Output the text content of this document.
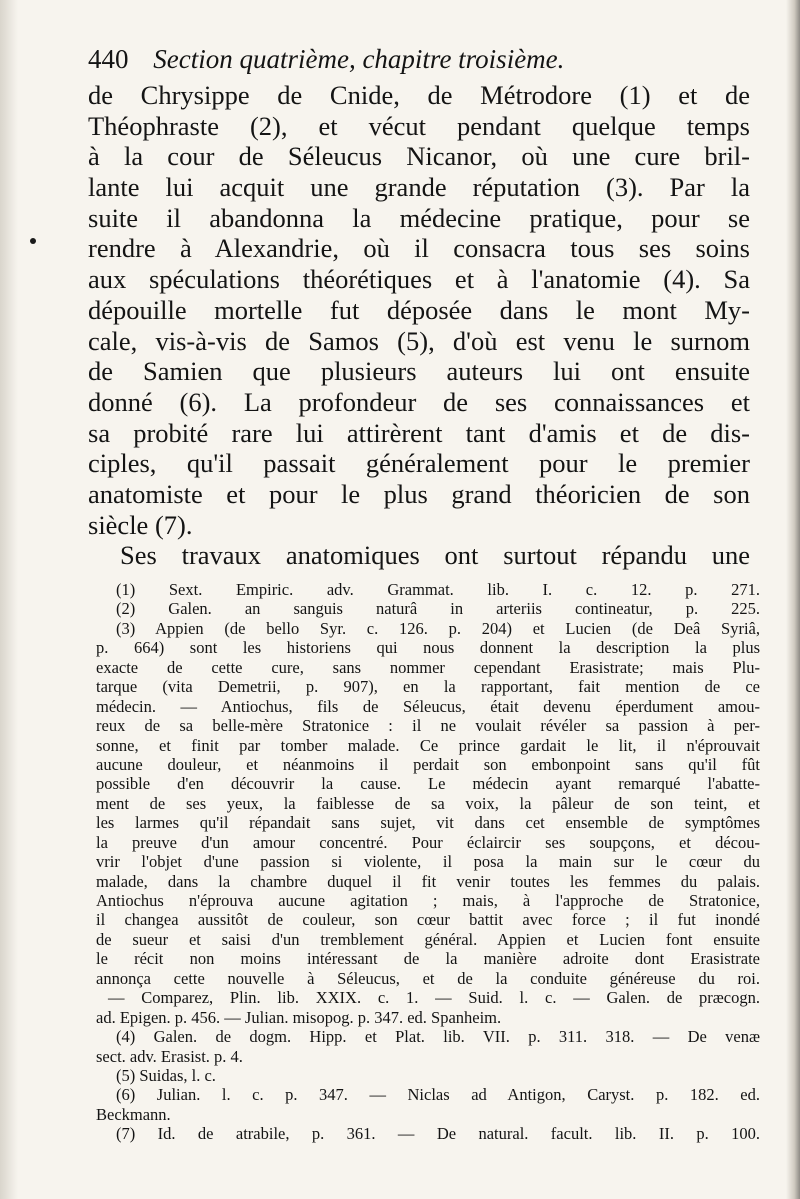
440 Section quatrième, chapitre troisième.
de Chrysippe de Cnide, de Métrodore (1) et de
Théophraste (2), et vécut pendant quelque temps
à la cour de Séleucus Nicanor, où une cure bril-
lante lui acquit une grande réputation (3). Par la
suite il abandonna la médecine pratique, pour se
rendre à Alexandrie, où il consacra tous ses soins
aux spéculations théorétiques et à l'anatomie (4). Sa
dépouille mortelle fut déposée dans le mont My-
cale, vis-à-vis de Samos (5), d'où est venu le surnom
de Samien que plusieurs auteurs lui ont ensuite
donné (6). La profondeur de ses connaissances et
sa probité rare lui attirèrent tant d'amis et de dis-
ciples, qu'il passait généralement pour le premier
anatomiste et pour le plus grand théoricien de son
siècle (7).
Ses travaux anatomiques ont surtout répandu une
(1) Sext. Empiric. adv. Grammat. lib. I. c. 12. p. 271.
(2) Galen. an sanguis naturâ in arteriis contineatur, p. 225.
(3) Appien (de bello Syr. c. 126. p. 204) et Lucien (de Deâ Syriâ,
p. 664) sont les historiens qui nous donnent la description la plus
exacte de cette cure, sans nommer cependant Erasistrate; mais Plu-
tarque (vita Demetrii, p. 907), en la rapportant, fait mention de ce
médecin. — Antiochus, fils de Séleucus, était devenu éperdument amou-
reux de sa belle-mère Stratonice : il ne voulait révéler sa passion à per-
sonne, et finit par tomber malade. Ce prince gardait le lit, il n'éprouvait
aucune douleur, et néanmoins il perdait son embonpoint sans qu'il fût
possible d'en découvrir la cause. Le médecin ayant remarqué l'abatte-
ment de ses yeux, la faiblesse de sa voix, la pâleur de son teint, et
les larmes qu'il répandait sans sujet, vit dans cet ensemble de symptômes
la preuve d'un amour concentré. Pour éclaircir ses soupçons, et décou-
vrir l'objet d'une passion si violente, il posa la main sur le cœur du
malade, dans la chambre duquel il fit venir toutes les femmes du palais.
Antiochus n'éprouva aucune agitation ; mais, à l'approche de Stratonice,
il changea aussitôt de couleur, son cœur battit avec force ; il fut inondé
de sueur et saisi d'un tremblement général. Appien et Lucien font ensuite
le récit non moins intéressant de la manière adroite dont Erasistrate
annonça cette nouvelle à Séleucus, et de la conduite généreuse du roi.
— Comparez, Plin. lib. XXIX. c. 1. — Suid. l. c. — Galen. de præcogn.
ad. Epigen. p. 456. — Julian. misopog. p. 347. ed. Spanheim.
(4) Galen. de dogm. Hipp. et Plat. lib. VII. p. 311. 318. — De venæ
sect. adv. Erasist. p. 4.
(5) Suidas, l. c.
(6) Julian. l. c. p. 347. — Niclas ad Antigon, Caryst. p. 182. ed.
Beckmann.
(7) Id. de atrabile, p. 361. — De natural. facult. lib. II. p. 100.
